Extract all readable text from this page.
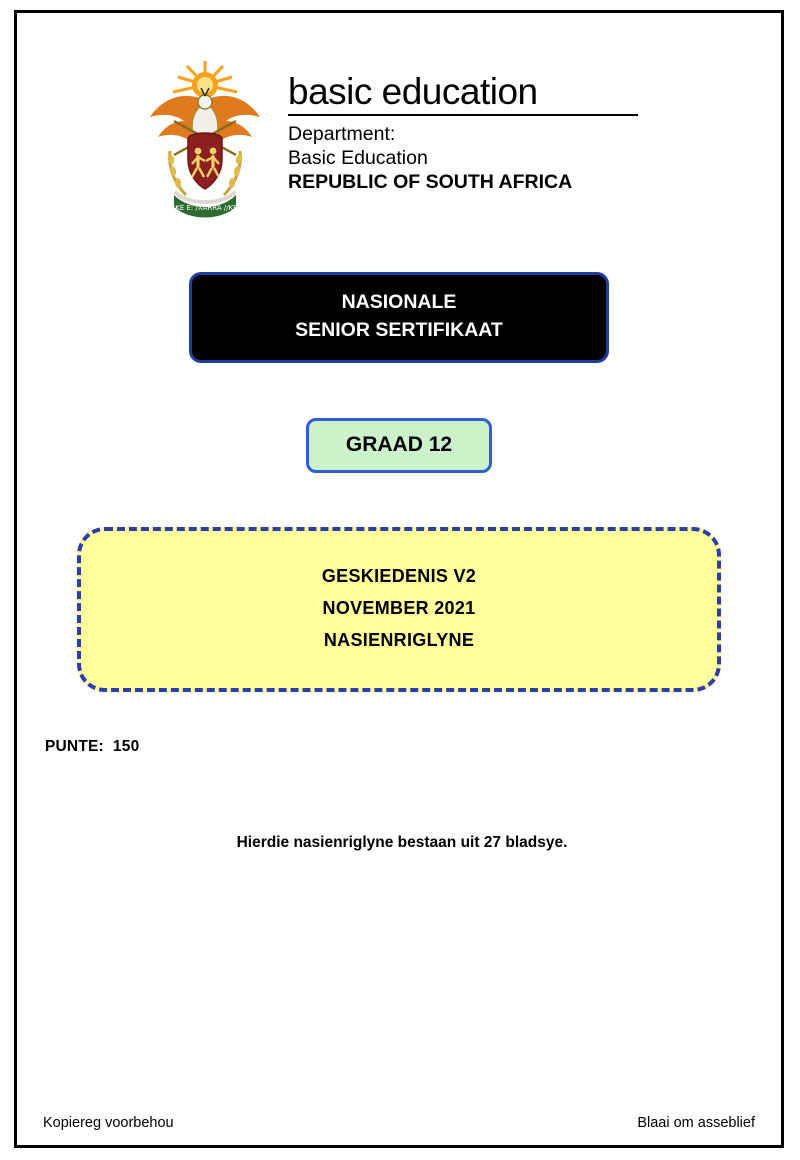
!KE E: /XARRA //KE
basic education
Department:
Basic Education
REPUBLIC OF SOUTH AFRICA
NASIONALE
SENIOR SERTIFIKAAT
GRAAD 12
GESKIEDENIS V2
NOVEMBER 2021
NASIENRIGLYNE
PUNTE: 150
Hierdie nasienriglyne bestaan uit 27 bladsye.
Kopiereg voorbehou	Blaai om asseblief
